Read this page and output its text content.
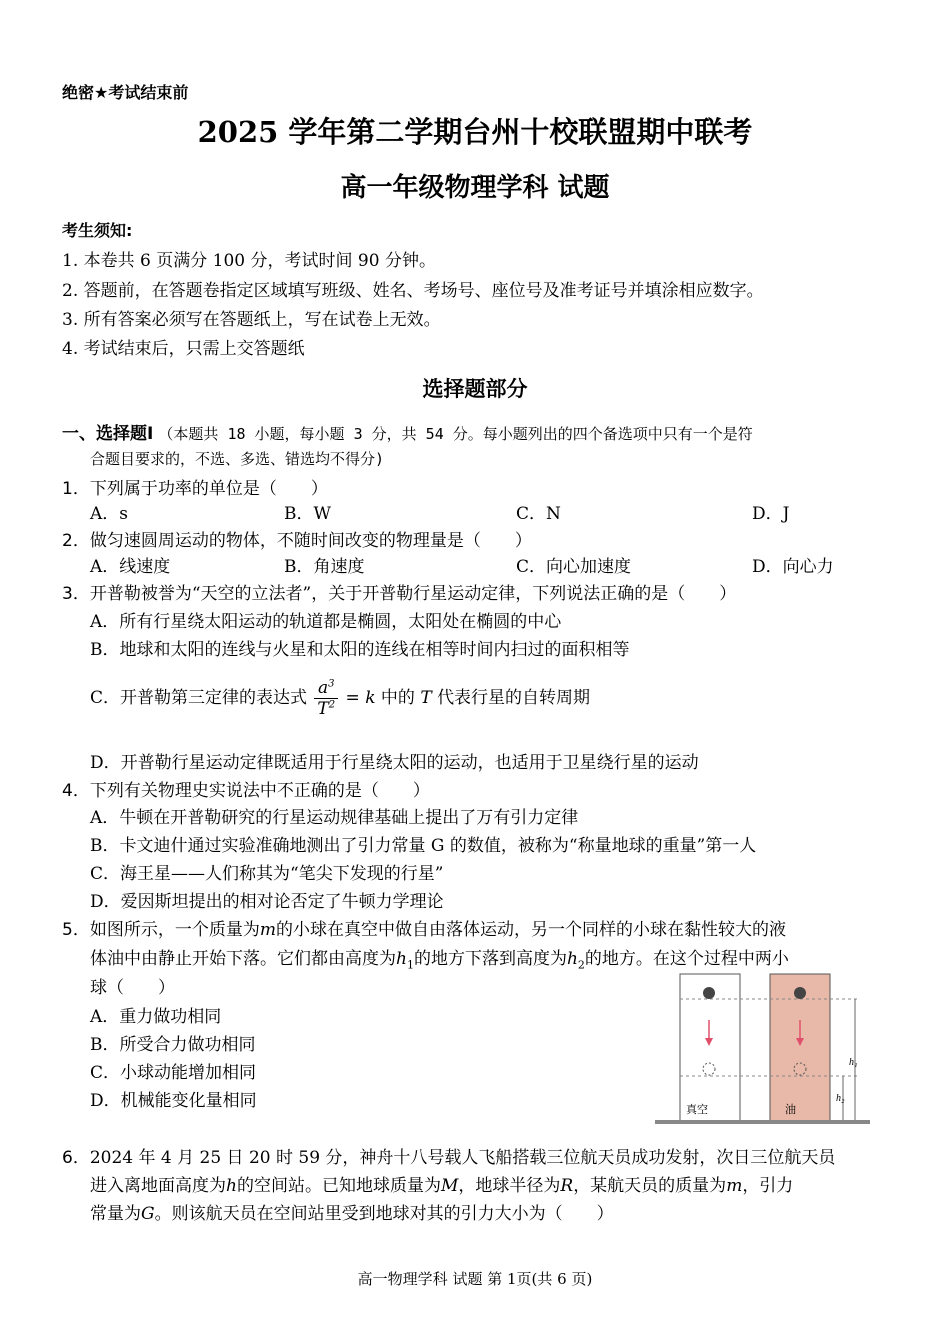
绝密★考试结束前
2025 学年第二学期台州十校联盟期中联考
高一年级物理学科 试题
考生须知:
1. 本卷共 6 页满分 100 分，考试时间 90 分钟。
2. 答题前，在答题卷指定区域填写班级、姓名、考场号、座位号及准考证号并填涂相应数字。
3. 所有答案必须写在答题纸上，写在试卷上无效。
4. 考试结束后，只需上交答题纸
选择题部分
一、选择题Ⅰ （本题共 18 小题，每小题 3 分，共 54 分。每小题列出的四个备选项中只有一个是符
合题目要求的，不选、多选、错选均不得分)
1．下列属于功率的单位是（　　）
A．s	B．W	C．N	D．J
2．做匀速圆周运动的物体，不随时间改变的物理量是（　　）
A．线速度	B．角速度	C．向心加速度	D．向心力
3．开普勒被誉为“天空的立法者”，关于开普勒行星运动定律，下列说法正确的是（　　）
A．所有行星绕太阳运动的轨道都是椭圆，太阳处在椭圆的中心
B．地球和太阳的连线与火星和太阳的连线在相等时间内扫过的面积相等
C．开普勒第三定律的表达式 $\frac{a^3}{T^2} = k$ 中的 T 代表行星的自转周期
D．开普勒行星运动定律既适用于行星绕太阳的运动，也适用于卫星绕行星的运动
4．下列有关物理史实说法中不正确的是（　　）
A．牛顿在开普勒研究的行星运动规律基础上提出了万有引力定律
B．卡文迪什通过实验准确地测出了引力常量 G 的数值，被称为“称量地球的重量”第一人
C．海王星——人们称其为“笔尖下发现的行星”
D．爱因斯坦提出的相对论否定了牛顿力学理论
5．如图所示，一个质量为m的小球在真空中做自由落体运动，另一个同样的小球在黏性较大的液
体油中由静止开始下落。它们都由高度为$h_1$的地方下落到高度为$h_2$的地方。在这个过程中两小
球（　　）
A．重力做功相同
B．所受合力做功相同
C．小球动能增加相同
D．机械能变化量相同
h₁
h₂
真空	油
6．2024 年 4 月 25 日 20 时 59 分，神舟十八号载人飞船搭载三位航天员成功发射，次日三位航天员
进入离地面高度为h的空间站。已知地球质量为M，地球半径为R，某航天员的质量为m，引力
常量为G。则该航天员在空间站里受到地球对其的引力大小为（　　）
高一物理学科 试题 第 1页(共 6 页)
